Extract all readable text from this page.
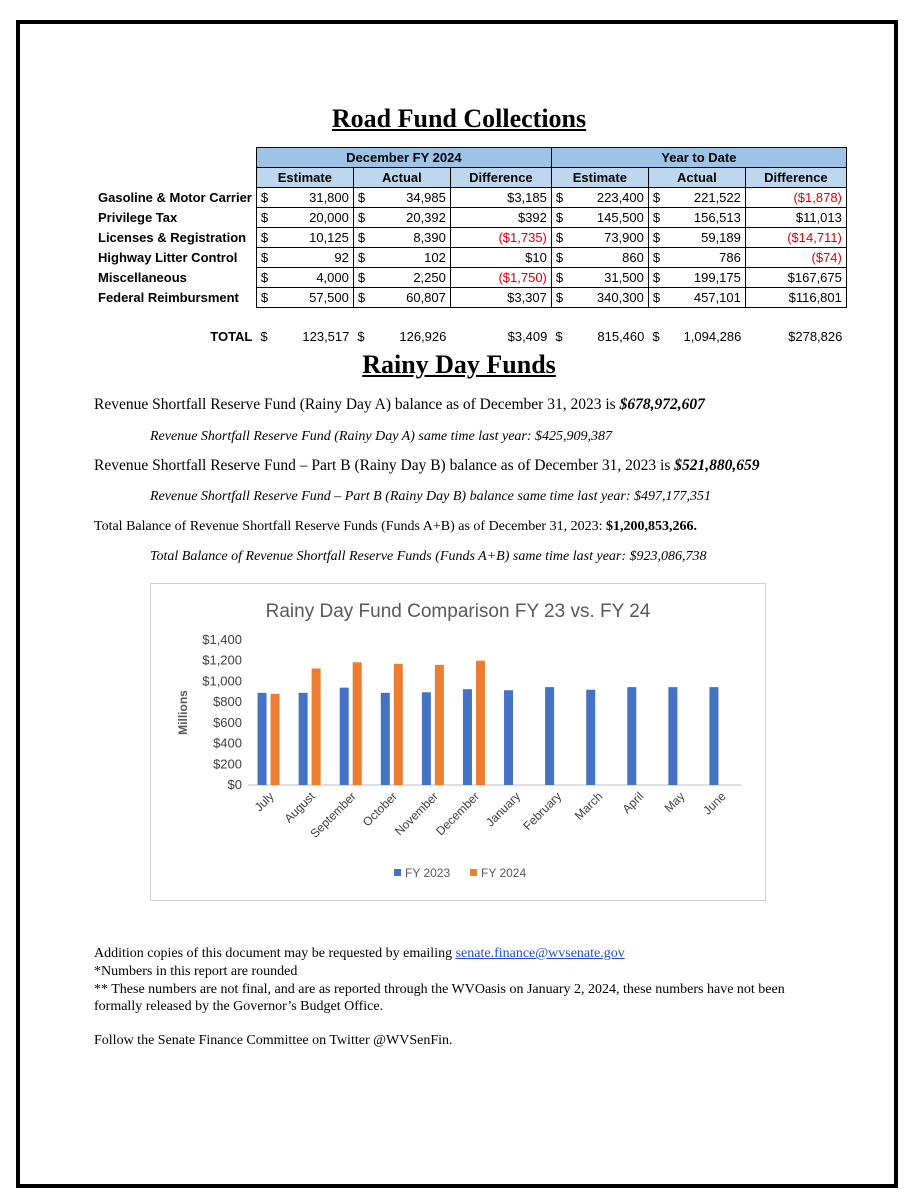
Road Fund Collections
	December FY 2024					Year to Date				
	Estimate		Actual		Difference	Estimate		Actual		Difference
Gasoline & Motor Carrier	$	31,800	$	34,985	$3,185	$	223,400	$	221,522	($1,878)
Privilege Tax	$	20,000	$	20,392	$392	$	145,500	$	156,513	$11,013
Licenses & Registration	$	10,125	$	8,390	($1,735)	$	73,900	$	59,189	($14,711)
Highway Litter Control	$	92	$	102	$10	$	860	$	786	($74)
Miscellaneous	$	4,000	$	2,250	($1,750)	$	31,500	$	199,175	$167,675
Federal Reimbursment	$	57,500	$	60,807	$3,307	$	340,300	$	457,101	$116,801

TOTAL	$	123,517	$	126,926	$3,409	$	815,460	$	1,094,286	$278,826
Rainy Day Funds
Revenue Shortfall Reserve Fund (Rainy Day A) balance as of December 31, 2023 is $678,972,607
Revenue Shortfall Reserve Fund (Rainy Day A) same time last year: $425,909,387
Revenue Shortfall Reserve Fund – Part B (Rainy Day B) balance as of December 31, 2023 is $521,880,659
Revenue Shortfall Reserve Fund – Part B (Rainy Day B) balance same time last year: $497,177,351
Total Balance of Revenue Shortfall Reserve Funds (Funds A+B) as of December 31, 2023: $1,200,853,266.
Total Balance of Revenue Shortfall Reserve Funds (Funds A+B) same time last year: $923,086,738
Rainy Day Fund Comparison FY 23 vs. FY 24
Millions
$0
$200
$400
$600
$800
$1,000
$1,200
$1,400
July August
September October
November
December January
February March April May June
FY 2023	FY 2024
Addition copies of this document may be requested by emailing senate.finance@wvsenate.gov
*Numbers in this report are rounded
** These numbers are not final, and are as reported through the WVOasis on January 2, 2024, these numbers have not been
formally released by the Governor’s Budget Office.
Follow the Senate Finance Committee on Twitter @WVSenFin.
